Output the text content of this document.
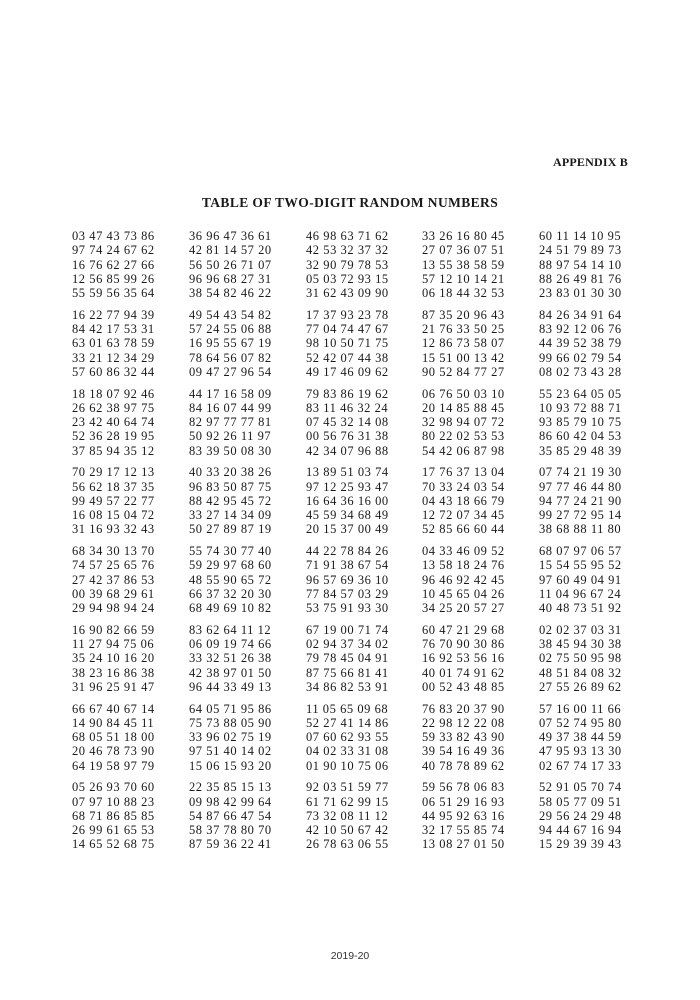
APPENDIX B
TABLE OF TWO-DIGIT RANDOM NUMBERS
03 47 43 73 86	36 96 47 36 61	46 98 63 71 62	33 26 16 80 45	60 11 14 10 95
97 74 24 67 62	42 81 14 57 20	42 53 32 37 32	27 07 36 07 51	24 51 79 89 73
16 76 62 27 66	56 50 26 71 07	32 90 79 78 53	13 55 38 58 59	88 97 54 14 10
12 56 85 99 26	96 96 68 27 31	05 03 72 93 15	57 12 10 14 21	88 26 49 81 76
55 59 56 35 64	38 54 82 46 22	31 62 43 09 90	06 18 44 32 53	23 83 01 30 30
16 22 77 94 39	49 54 43 54 82	17 37 93 23 78	87 35 20 96 43	84 26 34 91 64
84 42 17 53 31	57 24 55 06 88	77 04 74 47 67	21 76 33 50 25	83 92 12 06 76
63 01 63 78 59	16 95 55 67 19	98 10 50 71 75	12 86 73 58 07	44 39 52 38 79
33 21 12 34 29	78 64 56 07 82	52 42 07 44 38	15 51 00 13 42	99 66 02 79 54
57 60 86 32 44	09 47 27 96 54	49 17 46 09 62	90 52 84 77 27	08 02 73 43 28
18 18 07 92 46	44 17 16 58 09	79 83 86 19 62	06 76 50 03 10	55 23 64 05 05
26 62 38 97 75	84 16 07 44 99	83 11 46 32 24	20 14 85 88 45	10 93 72 88 71
23 42 40 64 74	82 97 77 77 81	07 45 32 14 08	32 98 94 07 72	93 85 79 10 75
52 36 28 19 95	50 92 26 11 97	00 56 76 31 38	80 22 02 53 53	86 60 42 04 53
37 85 94 35 12	83 39 50 08 30	42 34 07 96 88	54 42 06 87 98	35 85 29 48 39
70 29 17 12 13	40 33 20 38 26	13 89 51 03 74	17 76 37 13 04	07 74 21 19 30
56 62 18 37 35	96 83 50 87 75	97 12 25 93 47	70 33 24 03 54	97 77 46 44 80
99 49 57 22 77	88 42 95 45 72	16 64 36 16 00	04 43 18 66 79	94 77 24 21 90
16 08 15 04 72	33 27 14 34 09	45 59 34 68 49	12 72 07 34 45	99 27 72 95 14
31 16 93 32 43	50 27 89 87 19	20 15 37 00 49	52 85 66 60 44	38 68 88 11 80
68 34 30 13 70	55 74 30 77 40	44 22 78 84 26	04 33 46 09 52	68 07 97 06 57
74 57 25 65 76	59 29 97 68 60	71 91 38 67 54	13 58 18 24 76	15 54 55 95 52
27 42 37 86 53	48 55 90 65 72	96 57 69 36 10	96 46 92 42 45	97 60 49 04 91
00 39 68 29 61	66 37 32 20 30	77 84 57 03 29	10 45 65 04 26	11 04 96 67 24
29 94 98 94 24	68 49 69 10 82	53 75 91 93 30	34 25 20 57 27	40 48 73 51 92
16 90 82 66 59	83 62 64 11 12	67 19 00 71 74	60 47 21 29 68	02 02 37 03 31
11 27 94 75 06	06 09 19 74 66	02 94 37 34 02	76 70 90 30 86	38 45 94 30 38
35 24 10 16 20	33 32 51 26 38	79 78 45 04 91	16 92 53 56 16	02 75 50 95 98
38 23 16 86 38	42 38 97 01 50	87 75 66 81 41	40 01 74 91 62	48 51 84 08 32
31 96 25 91 47	96 44 33 49 13	34 86 82 53 91	00 52 43 48 85	27 55 26 89 62
66 67 40 67 14	64 05 71 95 86	11 05 65 09 68	76 83 20 37 90	57 16 00 11 66
14 90 84 45 11	75 73 88 05 90	52 27 41 14 86	22 98 12 22 08	07 52 74 95 80
68 05 51 18 00	33 96 02 75 19	07 60 62 93 55	59 33 82 43 90	49 37 38 44 59
20 46 78 73 90	97 51 40 14 02	04 02 33 31 08	39 54 16 49 36	47 95 93 13 30
64 19 58 97 79	15 06 15 93 20	01 90 10 75 06	40 78 78 89 62	02 67 74 17 33
05 26 93 70 60	22 35 85 15 13	92 03 51 59 77	59 56 78 06 83	52 91 05 70 74
07 97 10 88 23	09 98 42 99 64	61 71 62 99 15	06 51 29 16 93	58 05 77 09 51
68 71 86 85 85	54 87 66 47 54	73 32 08 11 12	44 95 92 63 16	29 56 24 29 48
26 99 61 65 53	58 37 78 80 70	42 10 50 67 42	32 17 55 85 74	94 44 67 16 94
14 65 52 68 75	87 59 36 22 41	26 78 63 06 55	13 08 27 01 50	15 29 39 39 43
2019-20
